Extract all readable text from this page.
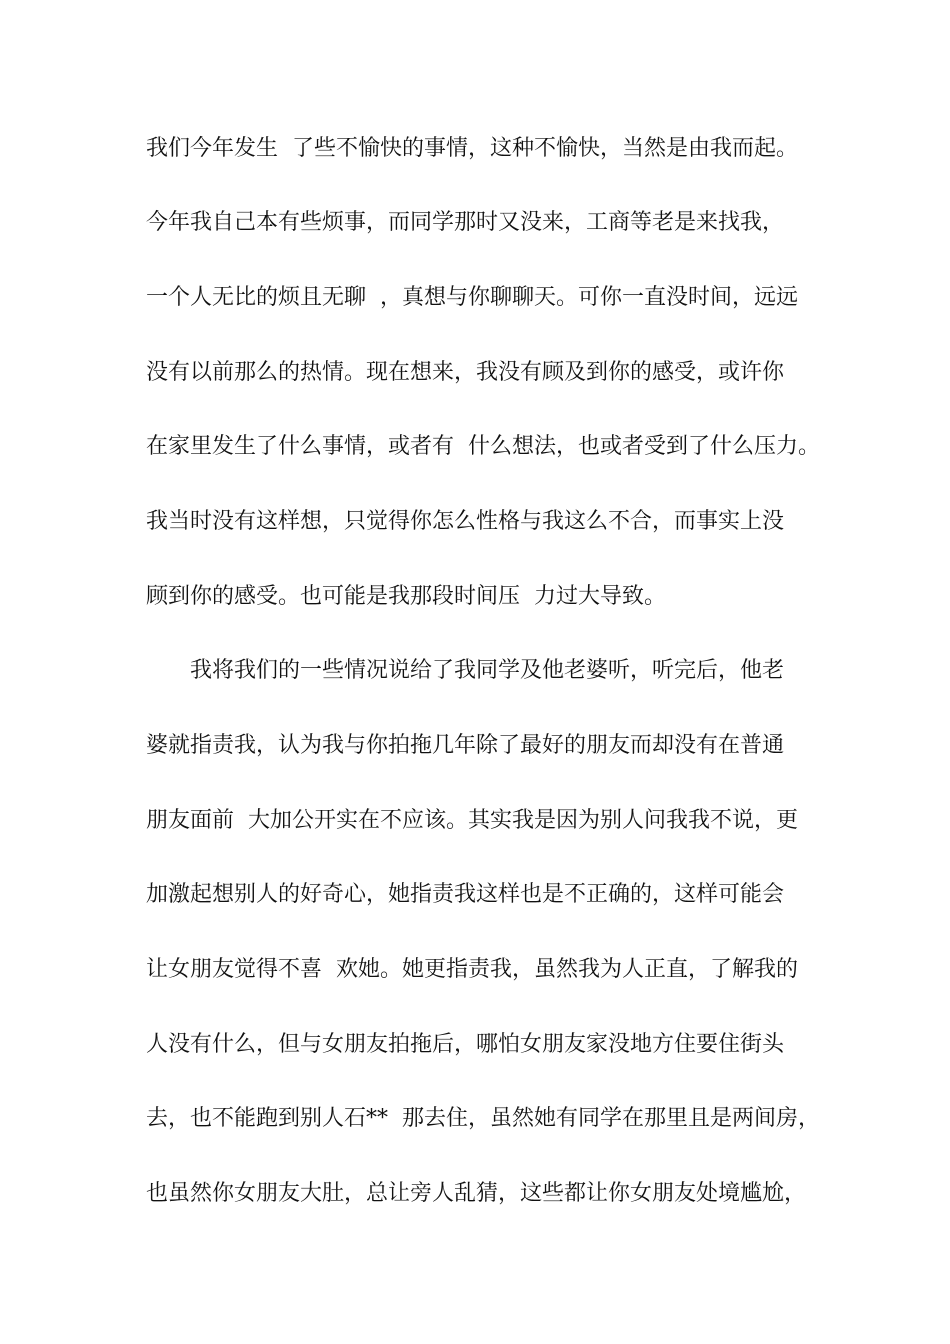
我们今年发生  了些不愉快的事情，这种不愉快，当然是由我而起。
今年我自己本有些烦事，而同学那时又没来，工商等老是来找我，
一个人无比的烦且无聊  ，真想与你聊聊天。可你一直没时间，远远
没有以前那么的热情。现在想来，我没有顾及到你的感受，或许你
在家里发生了什么事情，或者有  什么想法，也或者受到了什么压力。
我当时没有这样想，只觉得你怎么性格与我这么不合，而事实上没
顾到你的感受。也可能是我那段时间压  力过大导致。
我将我们的一些情况说给了我同学及他老婆听，听完后，他老
婆就指责我，认为我与你拍拖几年除了最好的朋友而却没有在普通
朋友面前  大加公开实在不应该。其实我是因为别人问我我不说，更
加激起想别人的好奇心，她指责我这样也是不正确的，这样可能会
让女朋友觉得不喜  欢她。她更指责我，虽然我为人正直，了解我的
人没有什么，但与女朋友拍拖后，哪怕女朋友家没地方住要住街头
去，也不能跑到别人石**  那去住，虽然她有同学在那里且是两间房，
也虽然你女朋友大肚，总让旁人乱猜，这些都让你女朋友处境尴尬，
